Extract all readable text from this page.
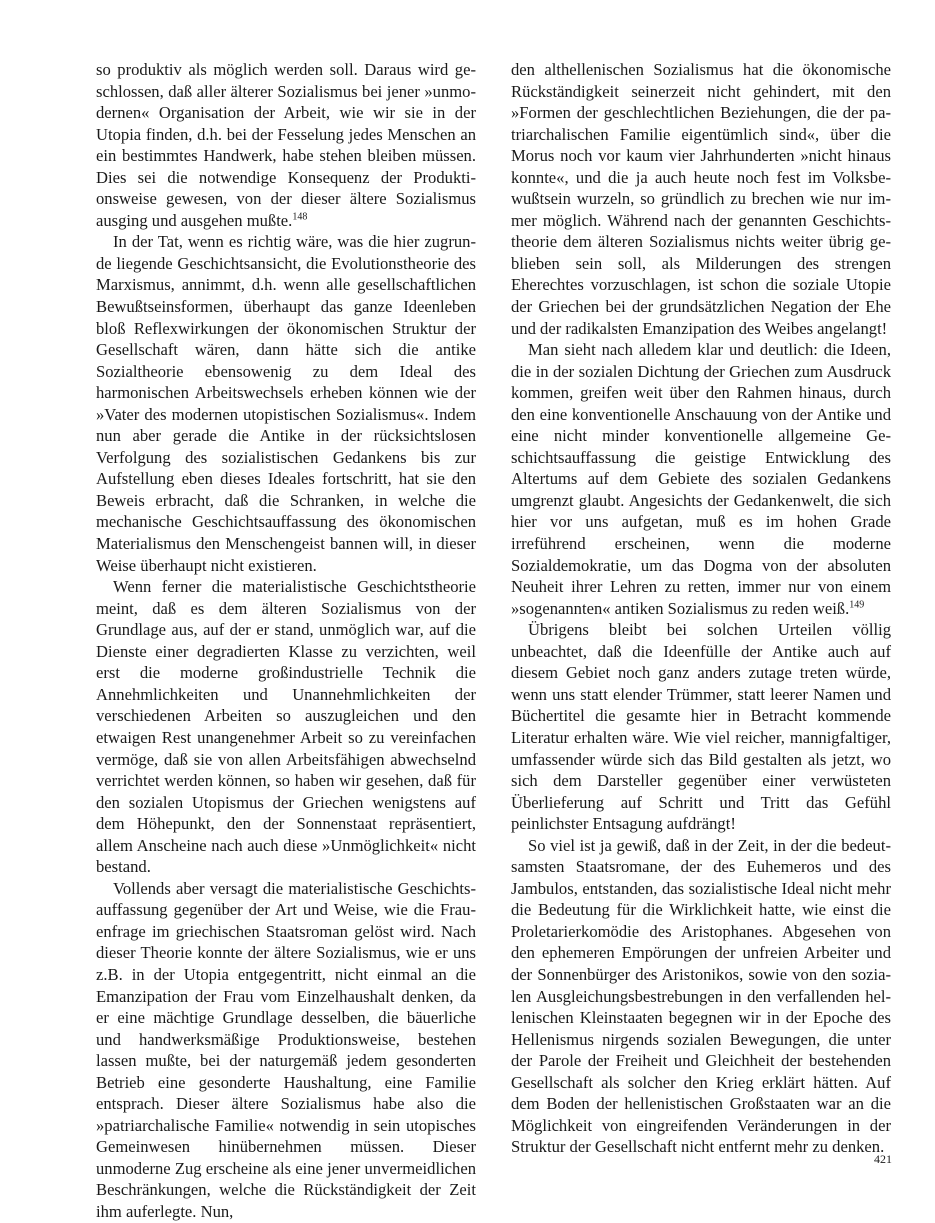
so produktiv als möglich werden soll. Daraus wird geschlossen, daß aller älterer Sozialismus bei jener »unmodernen« Organisation der Arbeit, wie wir sie in der Utopia finden, d.h. bei der Fesselung jedes Menschen an ein bestimmtes Handwerk, habe stehen bleiben müssen. Dies sei die notwendige Konsequenz der Produktionsweise gewesen, von der dieser ältere Sozialismus ausging und ausgehen mußte.$^{148}$

In der Tat, wenn es richtig wäre, was die hier zugrunde liegende Geschichtsansicht, die Evolutionstheorie des Marxismus, annimmt, d.h. wenn alle gesellschaftlichen Bewußtseinsformen, überhaupt das ganze Ideenleben bloß Reflexwirkungen der ökonomischen Struktur der Gesellschaft wären, dann hätte sich die antike Sozialtheorie ebensowenig zu dem Ideal des harmonischen Arbeitswechsels erheben können wie der »Vater des modernen utopistischen Sozialismus«. Indem nun aber gerade die Antike in der rücksichtslosen Verfolgung des sozialistischen Gedankens bis zur Aufstellung eben dieses Ideales fortschritt, hat sie den Beweis erbracht, daß die Schranken, in welche die mechanische Geschichtsauffassung des ökonomischen Materialismus den Menschengeist bannen will, in dieser Weise überhaupt nicht existieren.

Wenn ferner die materialistische Geschichtstheorie meint, daß es dem älteren Sozialismus von der Grundlage aus, auf der er stand, unmöglich war, auf die Dienste einer degradierten Klasse zu verzichten, weil erst die moderne großindustrielle Technik die Annehmlichkeiten und Unannehmlichkeiten der verschiedenen Arbeiten so auszugleichen und den etwaigen Rest unangenehmer Arbeit so zu vereinfachen vermöge, daß sie von allen Arbeitsfähigen abwechselnd verrichtet werden können, so haben wir gesehen, daß für den sozialen Utopismus der Griechen wenigstens auf dem Höhepunkt, den der Sonnenstaat repräsentiert, allem Anscheine nach auch diese »Unmöglichkeit« nicht bestand.

Vollends aber versagt die materialistische Geschichtsauffassung gegenüber der Art und Weise, wie die Frauenfrage im griechischen Staatsroman gelöst wird. Nach dieser Theorie konnte der ältere Sozialismus, wie er uns z.B. in der Utopia entgegentritt, nicht einmal an die Emanzipation der Frau vom Einzelhaushalt denken, da er eine mächtige Grundlage desselben, die bäuerliche und handwerksmäßige Produktionsweise, bestehen lassen mußte, bei der naturgemäß jedem gesonderten Betrieb eine gesonderte Haushaltung, eine Familie entsprach. Dieser ältere Sozialismus habe also die »patriarchalische Familie« notwendig in sein utopisches Gemeinwesen hinübernehmen müssen. Dieser unmoderne Zug erscheine als eine jener unvermeidlichen Beschränkungen, welche die Rückständigkeit der Zeit ihm auferlegte. Nun,

den althellenischen Sozialismus hat die ökonomische Rückständigkeit seinerzeit nicht gehindert, mit den »Formen der geschlechtlichen Beziehungen, die der patriarchalischen Familie eigentümlich sind«, über die Morus noch vor kaum vier Jahrhunderten »nicht hinaus konnte«, und die ja auch heute noch fest im Volksbewußtsein wurzeln, so gründlich zu brechen wie nur immer möglich. Während nach der genannten Geschichtstheorie dem älteren Sozialismus nichts weiter übrig geblieben sein soll, als Milderungen des strengen Eherechtes vorzuschlagen, ist schon die soziale Utopie der Griechen bei der grundsätzlichen Negation der Ehe und der radikalsten Emanzipation des Weibes angelangt!

Man sieht nach alledem klar und deutlich: die Ideen, die in der sozialen Dichtung der Griechen zum Ausdruck kommen, greifen weit über den Rahmen hinaus, durch den eine konventionelle Anschauung von der Antike und eine nicht minder konventionelle allgemeine Geschichtsauffassung die geistige Entwicklung des Altertums auf dem Gebiete des sozialen Gedankens umgrenzt glaubt. Angesichts der Gedankenwelt, die sich hier vor uns aufgetan, muß es im hohen Grade irreführend erscheinen, wenn die moderne Sozialdemokratie, um das Dogma von der absoluten Neuheit ihrer Lehren zu retten, immer nur von einem »sogenannten« antiken Sozialismus zu reden weiß.$^{149}$

Übrigens bleibt bei solchen Urteilen völlig unbeachtet, daß die Ideenfülle der Antike auch auf diesem Gebiet noch ganz anders zutage treten würde, wenn uns statt elender Trümmer, statt leerer Namen und Büchertitel die gesamte hier in Betracht kommende Literatur erhalten wäre. Wie viel reicher, mannigfaltiger, umfassender würde sich das Bild gestalten als jetzt, wo sich dem Darsteller gegenüber einer verwüsteten Überlieferung auf Schritt und Tritt das Gefühl peinlichster Entsagung aufdrängt!

So viel ist ja gewiß, daß in der Zeit, in der die bedeutsamsten Staatsromane, der des Euhemeros und des Jambulos, entstanden, das sozialistische Ideal nicht mehr die Bedeutung für die Wirklichkeit hatte, wie einst die Proletarierkomödie des Aristophanes. Abgesehen von den ephemeren Empörungen der unfreien Arbeiter und der Sonnenbürger des Aristonikos, sowie von den sozialen Ausgleichungsbestrebungen in den verfallenden hellenischen Kleinstaaten begegnen wir in der Epoche des Hellenismus nirgends sozialen Bewegungen, die unter der Parole der Freiheit und Gleichheit der bestehenden Gesellschaft als solcher den Krieg erklärt hätten. Auf dem Boden der hellenistischen Großstaaten war an die Möglichkeit von eingreifenden Veränderungen in der Struktur der Gesellschaft nicht entfernt mehr zu denken.

421
